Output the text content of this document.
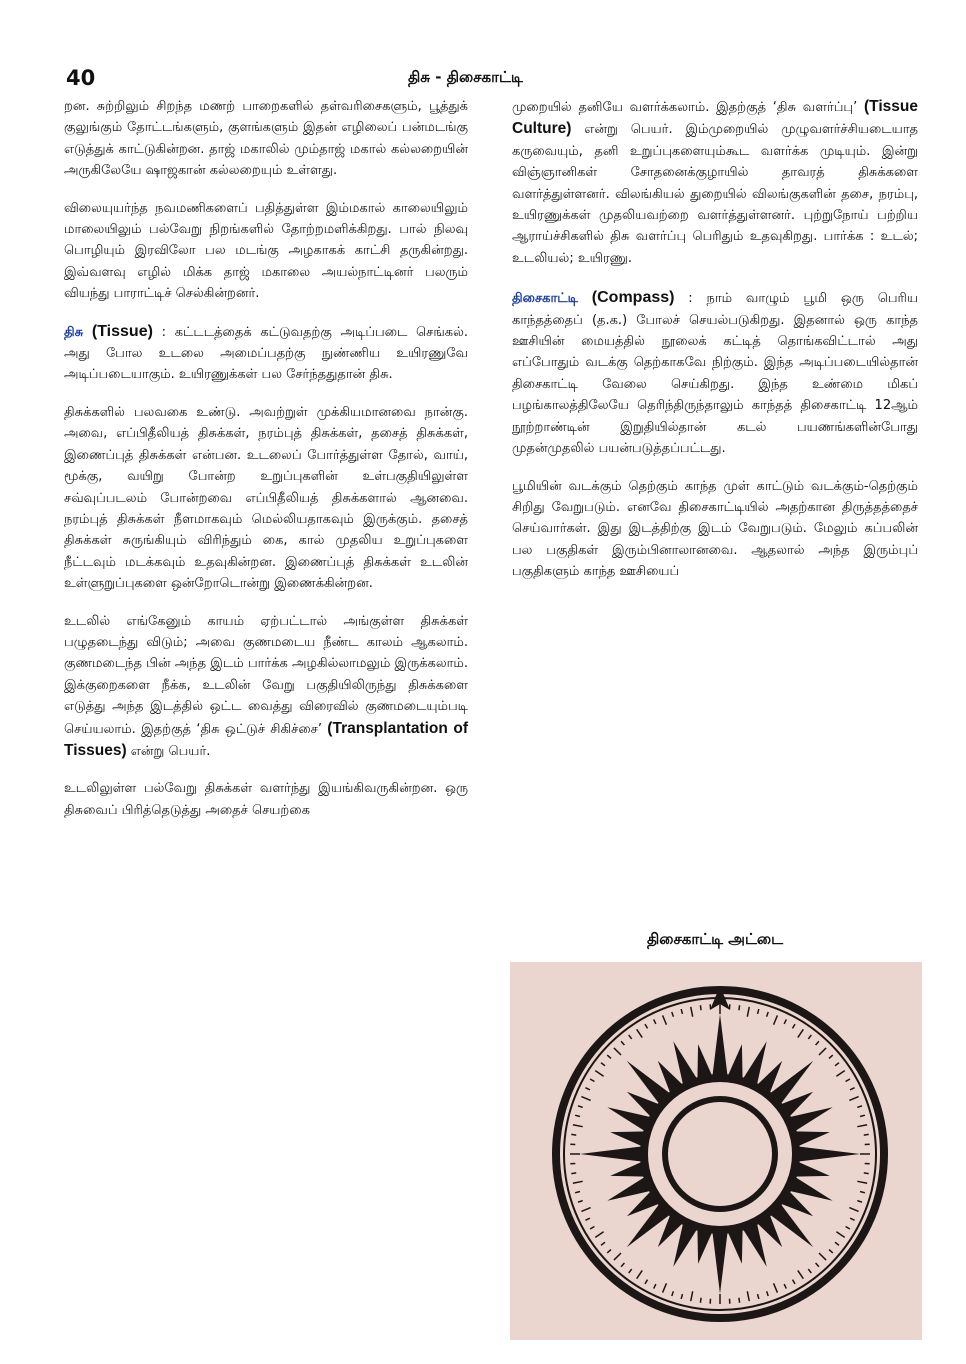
40	திசு - திசைகாட்டி

றன. சுற்றிலும் சிறந்த மணற் பாறைகளில் தள்வரிசைகளும், பூத்துக் குலுங்கும் தோட்டங்களும், குளங்களும் இதன் எழிலைப் பன்மடங்கு எடுத்துக் காட்டுகின்றன. தாஜ் மகாலில் மும்தாஜ் மகால் கல்லறையின் அருகிலேயே ஷாஜகான் கல்லறையும் உள்ளது.

விலையுயர்ந்த நவமணிகளைப் பதித்துள்ள இம்மகால் காலையிலும் மாலையிலும் பல்வேறு நிறங்களில் தோற்றமளிக்கிறது. பால் நிலவு பொழியும் இரவிலோ பல மடங்கு அழகாகக் காட்சி தருகின்றது. இவ்வளவு எழில் மிக்க தாஜ் மகாலை அயல்நாட்டினர் பலரும் வியந்து பாராட்டிச் செல்கின்றனர்.

திசு (Tissue) : கட்டடத்தைக் கட்டுவதற்கு அடிப்படை செங்கல். அது போல உடலை அமைப்பதற்கு நுண்ணிய உயிரணுவே அடிப்படையாகும். உயிரணுக்கள் பல சேர்ந்ததுதான் திசு.

திசுக்களில் பலவகை உண்டு. அவற்றுள் முக்கியமானவை நான்கு. அவை, எப்பிதீலியத் திசுக்கள், நரம்புத் திசுக்கள், தசைத் திசுக்கள், இணைப்புத் திசுக்கள் என்பன. உடலைப் போர்த்துள்ள தோல், வாய், மூக்கு, வயிறு போன்ற உறுப்புகளின் உள்பகுதியிலுள்ள சவ்வுப்படலம் போன்றவை எப்பிதீலியத் திசுக்களால் ஆனவை. நரம்புத் திசுக்கள் நீளமாகவும் மெல்லியதாகவும் இருக்கும். தசைத் திசுக்கள் சுருங்கியும் விரிந்தும் கை, கால் முதலிய உறுப்புகளை நீட்டவும் மடக்கவும் உதவுகின்றன. இணைப்புத் திசுக்கள் உடலின் உள்ளுறுப்புகளை ஒன்றோடொன்று இணைக்கின்றன.

உடலில் எங்கேனும் காயம் ஏற்பட்டால் அங்குள்ள திசுக்கள் பழுதடைந்து விடும்; அவை குணமடைய நீண்ட காலம் ஆகலாம். குணமடைந்த பின் அந்த இடம் பார்க்க அழகில்லாமலும் இருக்கலாம். இக்குறைகளை நீக்க, உடலின் வேறு பகுதியிலிருந்து திசுக்களை எடுத்து அந்த இடத்தில் ஒட்ட வைத்து விரைவில் குணமடையும்படி செய்யலாம். இதற்குத் ‘திசு ஒட்டுச் சிகிச்சை’ (Transplantation of Tissues) என்று பெயர்.

உடலிலுள்ள பல்வேறு திசுக்கள் வளர்ந்து இயங்கிவருகின்றன. ஒரு திசுவைப் பிரித்தெடுத்து அதைச் செயற்கை

முறையில் தனியே வளர்க்கலாம். இதற்குத் ‘திசு வளர்ப்பு’ (Tissue Culture) என்று பெயர். இம்முறையில் முழுவளர்ச்சியடையாத கருவையும், தனி உறுப்புகளையும்கூட வளர்க்க முடியும். இன்று விஞ்ஞானிகள் சோதனைக்குழாயில் தாவரத் திசுக்களை வளர்த்துள்ளனர். விலங்கியல் துறையில் விலங்குகளின் தசை, நரம்பு, உயிரணுக்கள் முதலியவற்றை வளர்த்துள்ளனர். புற்றுநோய் பற்றிய ஆராய்ச்சிகளில் திசு வளர்ப்பு பெரிதும் உதவுகிறது. பார்க்க : உடல்; உடலியல்; உயிரணு.

திசைகாட்டி (Compass) : நாம் வாழும் பூமி ஒரு பெரிய காந்தத்தைப் (த.க.) போலச் செயல்படுகிறது. இதனால் ஒரு காந்த ஊசியின் மையத்தில் நூலைக் கட்டித் தொங்கவிட்டால் அது எப்போதும் வடக்கு தெற்காகவே நிற்கும். இந்த அடிப்படையில்தான் திசைகாட்டி வேலை செய்கிறது. இந்த உண்மை மிகப் பழங்காலத்திலேயே தெரிந்திருந்தாலும் காந்தத் திசைகாட்டி 12ஆம் நூற்றாண்டின் இறுதியில்தான் கடல் பயணங்களின்போது முதன்முதலில் பயன்படுத்தப்பட்டது.

பூமியின் வடக்கும் தெற்கும் காந்த முள் காட்டும் வடக்கும்-தெற்கும் சிறிது வேறுபடும். எனவே திசைகாட்டியில் அதற்கான திருத்தத்தைச் செய்வார்கள். இது இடத்திற்கு இடம் வேறுபடும். மேலும் கப்பலின் பல பகுதிகள் இரும்பினாலானவை. ஆதலால் அந்த இரும்புப் பகுதிகளும் காந்த ஊசியைப்

திசைகாட்டி அட்டை
